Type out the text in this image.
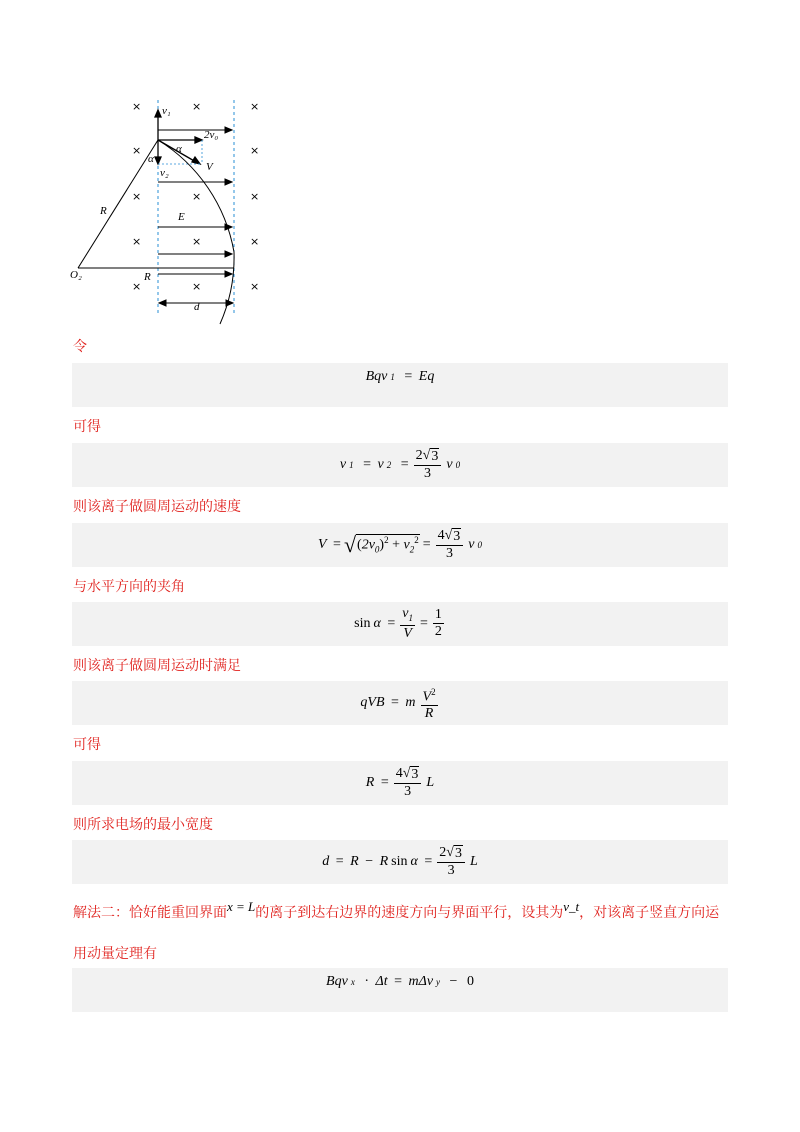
×	×	×
×	×
×	×	×
×	×	×
×	×	×
v₁
2v₀
α
α
V
v₂
R	E
O₂	R
d
令
Bqv 1
= Eq
可得
v 1
= v 2
= $\frac{2 √ 3}{3}$ v 0
则该离子做圆周运动的速度
V = √ $(2v_0)^2 + v_2^2 = \frac{4 √ 3}{3}$ v 0
与水平方向的夹角
$\sin \alpha = \frac{v_1}{V} = \frac{1}{2}$
则该离子做圆周运动时满足
qVB = m $\frac{V^2}{R}$
可得
$R = \frac{4 √ 3}{3}$ L
则所求电场的最小宽度
d = R − R $\sin \alpha = \frac{2 √ 3}{3}$ L
解法二：恰好能重回界面x = L的离子到达右边界的速度方向与界面平行，设其为v_t，对该离子竖直方向运
用动量定理有
Bqv x
· Δt = mΔv y
−
0
